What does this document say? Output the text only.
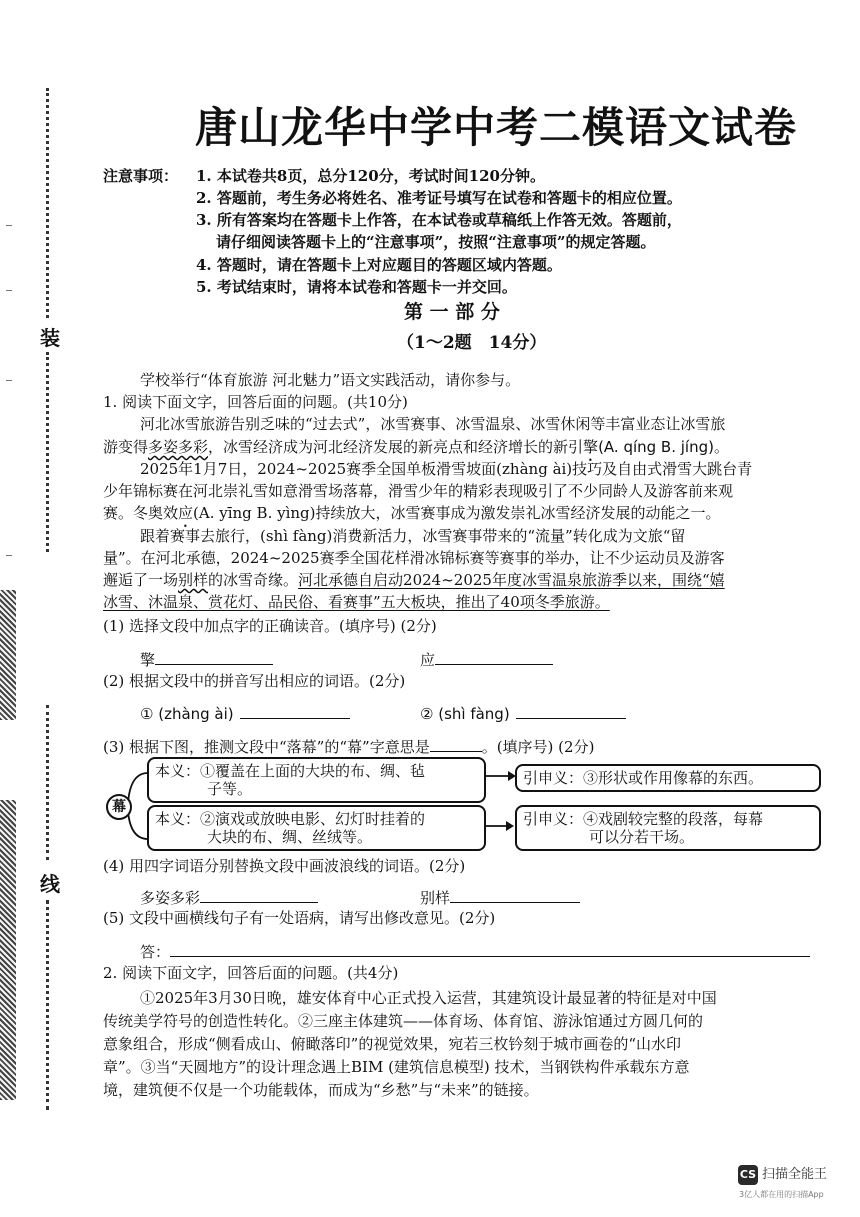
装
线
唐山龙华中学中考二模语文试卷
注意事项： 1. 本试卷共8页，总分120分，考试时间120分钟。
2. 答题前，考生务必将姓名、准考证号填写在试卷和答题卡的相应位置。
3. 所有答案均在答题卡上作答，在本试卷或草稿纸上作答无效。答题前，
请仔细阅读答题卡上的“注意事项”，按照“注意事项”的规定答题。
4. 答题时，请在答题卡上对应题目的答题区域内答题。
5. 考试结束时，请将本试卷和答题卡一并交回。
第 一 部 分
（1～2题　14分）
学校举行“体育旅游 河北魅力”语文实践活动，请你参与。
1. 阅读下面文字，回答后面的问题。(共10分)
河北冰雪旅游告别乏味的“过去式”，冰雪赛事、冰雪温泉、冰雪休闲等丰富业态让冰雪旅
游变得多姿多彩，冰雪经济成为河北经济发展的新亮点和经济增长的新引擎(A. qíng B. jíng)。
2025年1月7日，2024~2025赛季全国单板滑雪坡面(zhàng ài)技巧及自由式滑雪大跳台青
少年锦标赛在河北崇礼雪如意滑雪场落幕，滑雪少年的精彩表现吸引了不少同龄人及游客前来观
赛。冬奥效应(A. yīng B. yìng)持续放大，冰雪赛事成为激发崇礼冰雪经济发展的动能之一。
跟着赛事去旅行，(shì fàng)消费新活力，冰雪赛事带来的“流量”转化成为文旅“留
量”。在河北承德，2024~2025赛季全国花样滑冰锦标赛等赛事的举办，让不少运动员及游客
邂逅了一场别样的冰雪奇缘。河北承德自启动2024~2025年度冰雪温泉旅游季以来，围绕“嬉
冰雪、沐温泉、赏花灯、品民俗、看赛事”五大板块，推出了40项冬季旅游。
(1) 选择文段中加点字的正确读音。(填序号) (2分)
擎	应
(2) 根据文段中的拼音写出相应的词语。(2分)
① (zhàng ài)	② (shì fàng)
(3) 根据下图，推测文段中“落幕”的“幕”字意思是	。(填序号) (2分)
幕
本义：①覆盖在上面的大块的布、绸、毡
子等。
引申义：③形状或作用像幕的东西。
本义：②演戏或放映电影、幻灯时挂着的
大块的布、绸、丝绒等。
引申义：④戏剧较完整的段落，每幕
可以分若干场。
(4) 用四字词语分别替换文段中画波浪线的词语。(2分)
多姿多彩	别样
(5) 文段中画横线句子有一处语病，请写出修改意见。(2分)
答：
2. 阅读下面文字，回答后面的问题。(共4分)
①2025年3月30日晚，雄安体育中心正式投入运营，其建筑设计最显著的特征是对中国
传统美学符号的创造性转化。②三座主体建筑——体育场、体育馆、游泳馆通过方圆几何的
意象组合，形成“侧看成山、俯瞰落印”的视觉效果，宛若三枚钤刻于城市画卷的“山水印
章”。③当“天圆地方”的设计理念遇上BIM (建筑信息模型) 技术，当钢铁构件承载东方意
境，建筑便不仅是一个功能载体，而成为“乡愁”与“未来”的链接。
CS 扫描全能王
3亿人都在用的扫描App
